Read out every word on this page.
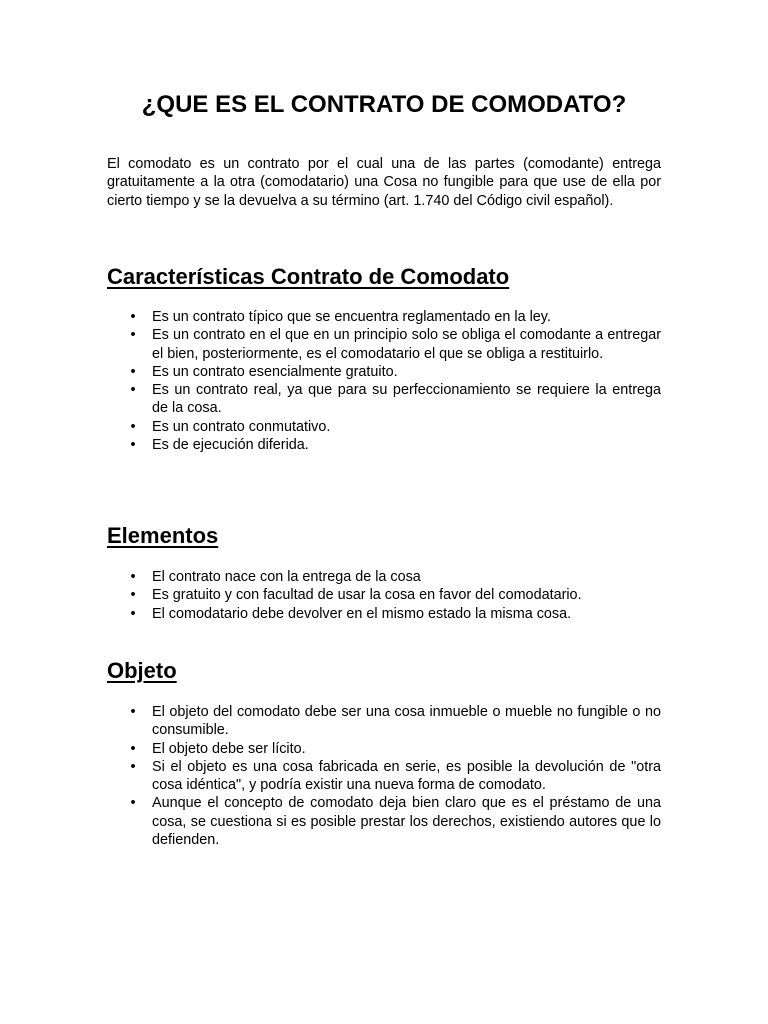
¿QUE ES EL CONTRATO DE COMODATO?

El comodato es un contrato por el cual una de las partes (comodante) entrega gratuitamente a la otra (comodatario) una Cosa no fungible para que use de ella por cierto tiempo y se la devuelva a su término (art. 1.740 del Código civil español).

Características Contrato de Comodato
• Es un contrato típico que se encuentra reglamentado en la ley.
• Es un contrato en el que en un principio solo se obliga el comodante a entregar el bien, posteriormente, es el comodatario el que se obliga a restituirlo.
• Es un contrato esencialmente gratuito.
• Es un contrato real, ya que para su perfeccionamiento se requiere la entrega de la cosa.
• Es un contrato conmutativo.
• Es de ejecución diferida.
Elementos
• El contrato nace con la entrega de la cosa
• Es gratuito y con facultad de usar la cosa en favor del comodatario.
• El comodatario debe devolver en el mismo estado la misma cosa.
Objeto
• El objeto del comodato debe ser una cosa inmueble o mueble no fungible o no consumible.
• El objeto debe ser lícito.
• Si el objeto es una cosa fabricada en serie, es posible la devolución de "otra cosa idéntica", y podría existir una nueva forma de comodato.
• Aunque el concepto de comodato deja bien claro que es el préstamo de una cosa, se cuestiona si es posible prestar los derechos, existiendo autores que lo defienden.
